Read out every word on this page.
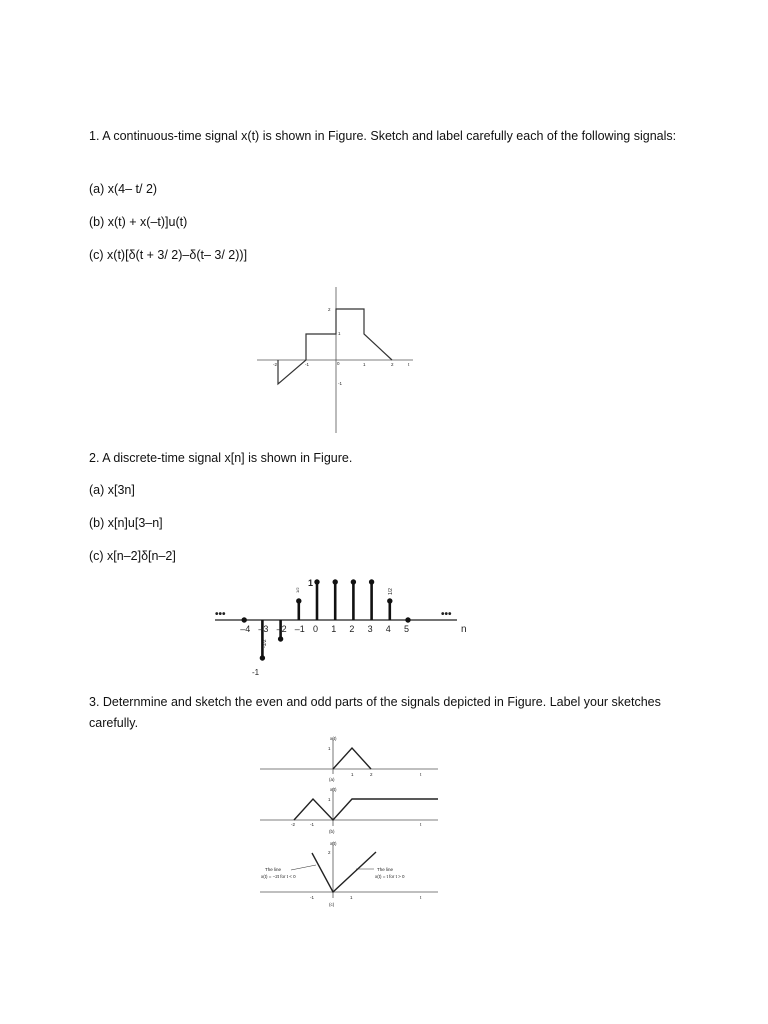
1. A continuous-time signal x(t) is shown in Figure. Sketch and label carefully each of the following signals:
(a) x(4– t/ 2)
(b) x(t) + x(–t)]u(t)
(c) x(t)[δ(t + 3/ 2)–δ(t– 3/ 2))]
2
1
-1
-2	-1	0	1	2	t
2. A discrete-time signal x[n] is shown in Figure.
(a) x[3n]
(b) x[n]u[3–n]
(c) x[n–2]δ[n–2]
•••	•••
n
1
-1
1/2	1/2
-1/2
–4 –3 –2 –1 0 1 2 3 4 5
3. Deternmine and sketch the even and odd parts of the signals depicted in Figure. Label your sketches carefully.
x(t)
1
1	2	t
(a)
x(t)
1
-2	-1	t
(b)
x(t)
2
The line
x(t) = −2t for t < 0
The line
x(t) = t for t > 0
-1	1	t
(c)
